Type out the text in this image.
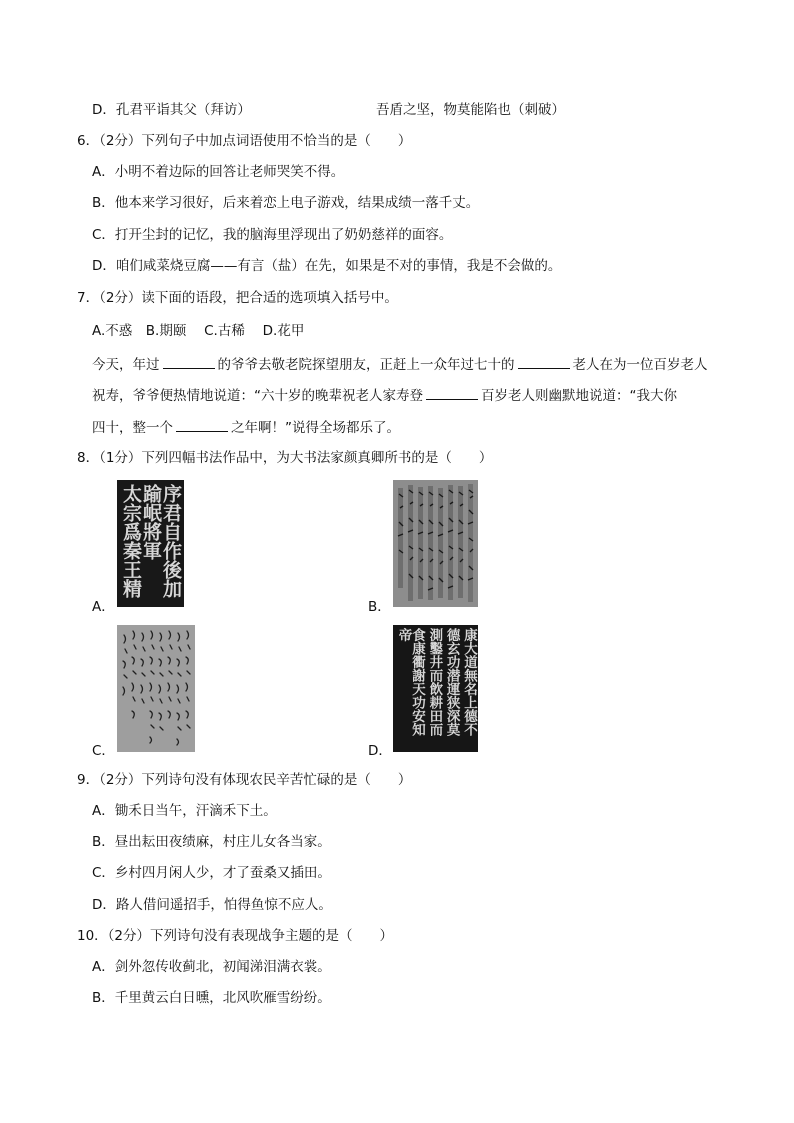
D．孔君平诣其父（拜访）	吾盾之坚，物莫能陷也（刺破）
6．（2分）下列句子中加点词语使用不恰当的是（　　）
A．小明不着边际的回答让老师哭笑不得。
B．他本来学习很好，后来着恋上电子游戏，结果成绩一落千丈。
C．打开尘封的记忆，我的脑海里浮现出了奶奶慈祥的面容。
D．咱们咸菜烧豆腐——有言（盐）在先，如果是不对的事情，我是不会做的。
7．（2分）读下面的语段，把合适的选项填入括号中。
A.不惑　B.期颐　 C.古稀　 D.花甲
今天，年过	的爷爷去敬老院探望朋友，正赶上一众年过七十的	老人在为一位百岁老人
祝寿，爷爷便热情地说道：“六十岁的晚辈祝老人家寿登	百岁老人则幽默地说道：“我大你
四十，整一个	之年啊！”说得全场都乐了。
8．（1分）下列四幅书法作品中，为大书法家颜真卿所书的是（　　）
序君自作後加
踰岷將軍
太宗爲秦王精
A．	B．
C．
康大道無名上德不
德玄功潜運狭深莫
測鑿井而飲耕田而
食康衢謝天功安知帝
D．
9．（2分）下列诗句没有体现农民辛苦忙碌的是（　　）
A．锄禾日当午，汗滴禾下土。
B．昼出耘田夜绩麻，村庄儿女各当家。
C．乡村四月闲人少，才了蚕桑又插田。
D．路人借问遥招手，怕得鱼惊不应人。
10．（2分）下列诗句没有表现战争主题的是（　　）
A．剑外忽传收蓟北，初闻涕泪满衣裳。
B．千里黄云白日曛，北风吹雁雪纷纷。
